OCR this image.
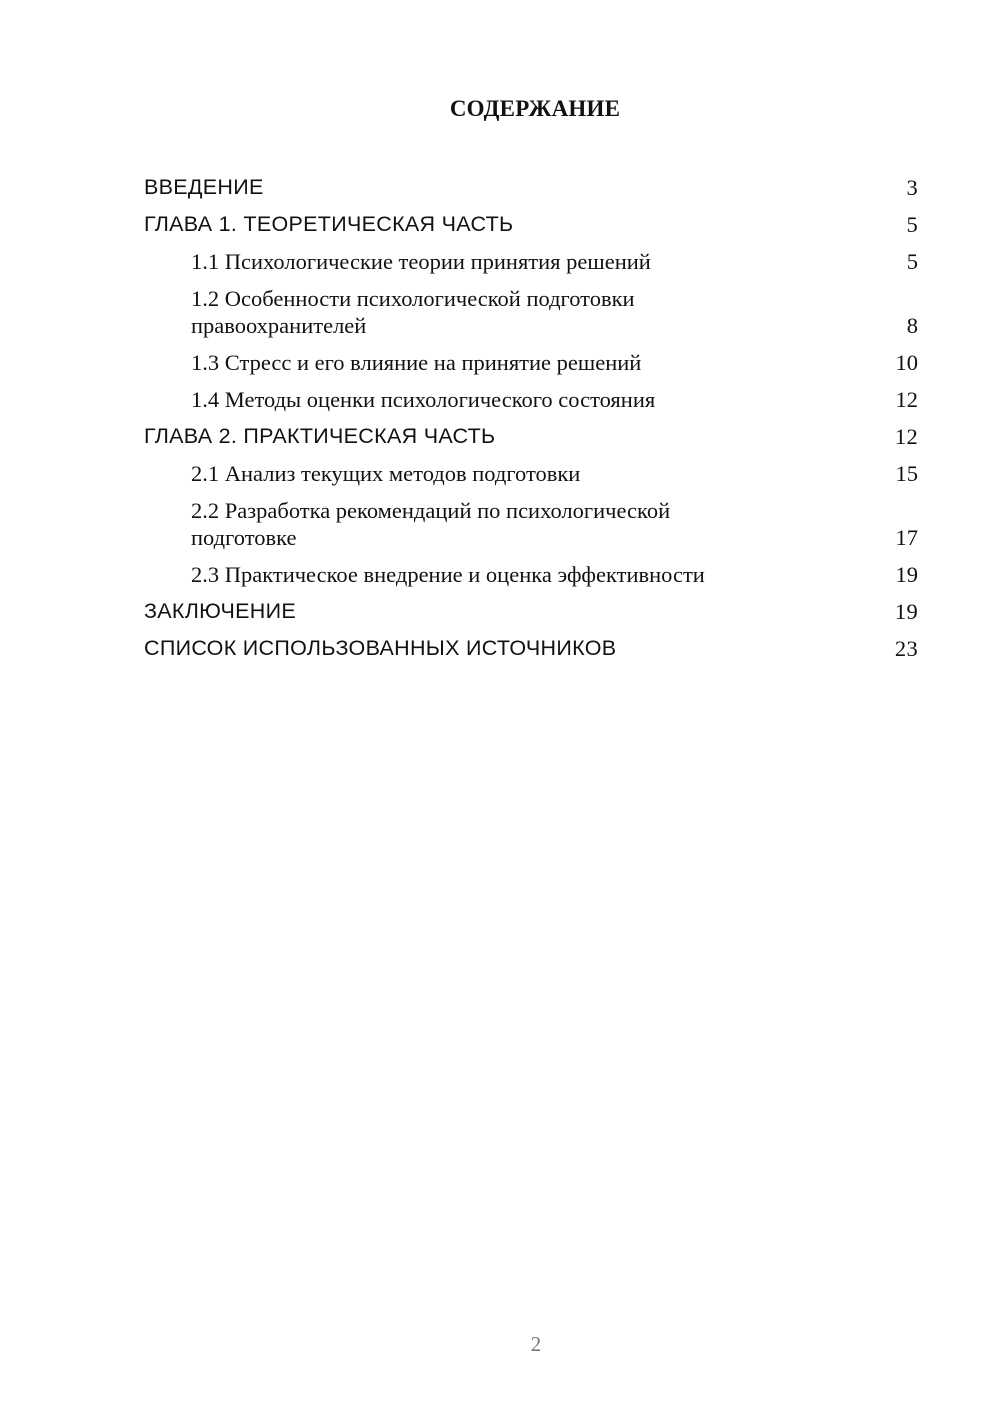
СОДЕРЖАНИЕ
ВВЕДЕНИЕ	3
ГЛАВА 1. ТЕОРЕТИЧЕСКАЯ ЧАСТЬ	5
1.1 Психологические теории принятия решений	5
1.2 Особенности психологической подготовки правоохранителей	8
1.3 Стресс и его влияние на принятие решений	10
1.4 Методы оценки психологического состояния	12
ГЛАВА 2. ПРАКТИЧЕСКАЯ ЧАСТЬ	12
2.1 Анализ текущих методов подготовки	15
2.2 Разработка рекомендаций по психологической подготовке	17
2.3 Практическое внедрение и оценка эффективности	19
ЗАКЛЮЧЕНИЕ	19
СПИСОК ИСПОЛЬЗОВАННЫХ ИСТОЧНИКОВ	23
2
